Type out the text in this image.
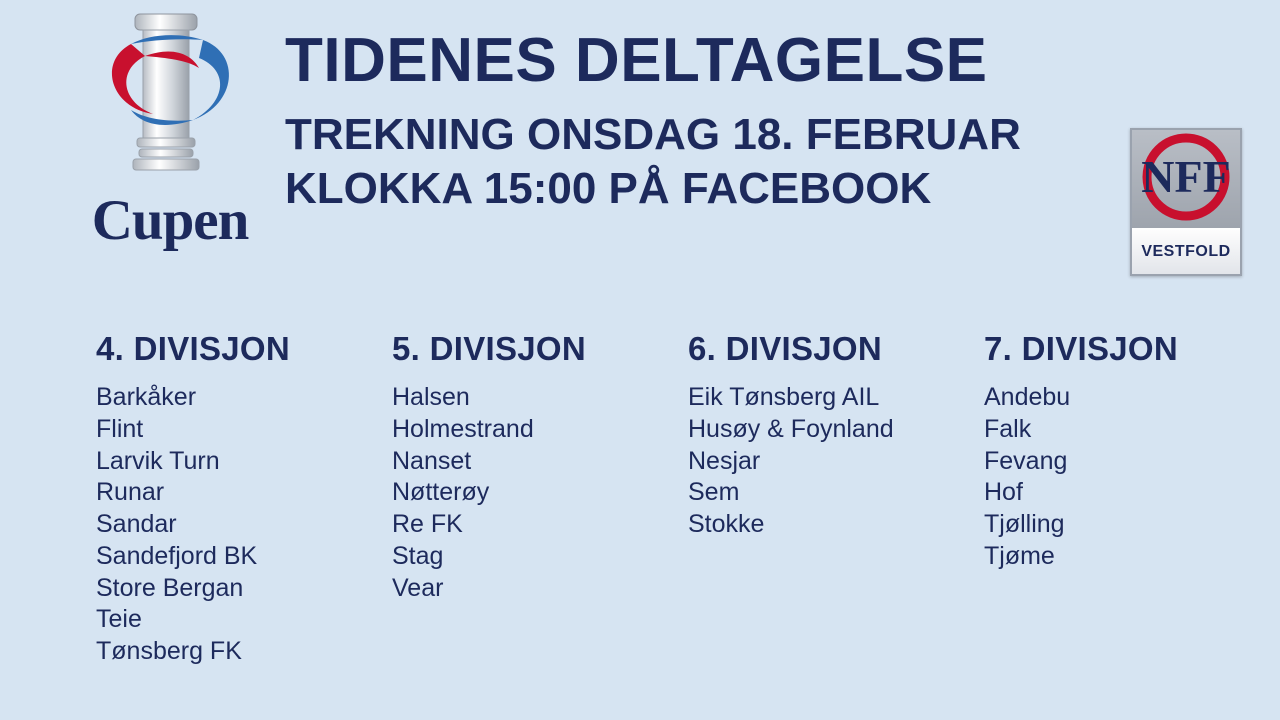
Cupen
TIDENES DELTAGELSE
TREKNING ONSDAG 18. FEBRUAR
KLOKKA 15:00 PÅ FACEBOOK	NFF
VESTFOLD
4. DIVISJON
Barkåker
Flint
Larvik Turn
Runar
Sandar
Sandefjord BK
Store Bergan
Teie
Tønsberg FK
5. DIVISJON
Halsen
Holmestrand
Nanset
Nøtterøy
Re FK
Stag
Vear
6. DIVISJON
Eik Tønsberg AIL
Husøy & Foynland
Nesjar
Sem
Stokke
7. DIVISJON
Andebu
Falk
Fevang
Hof
Tjølling
Tjøme
